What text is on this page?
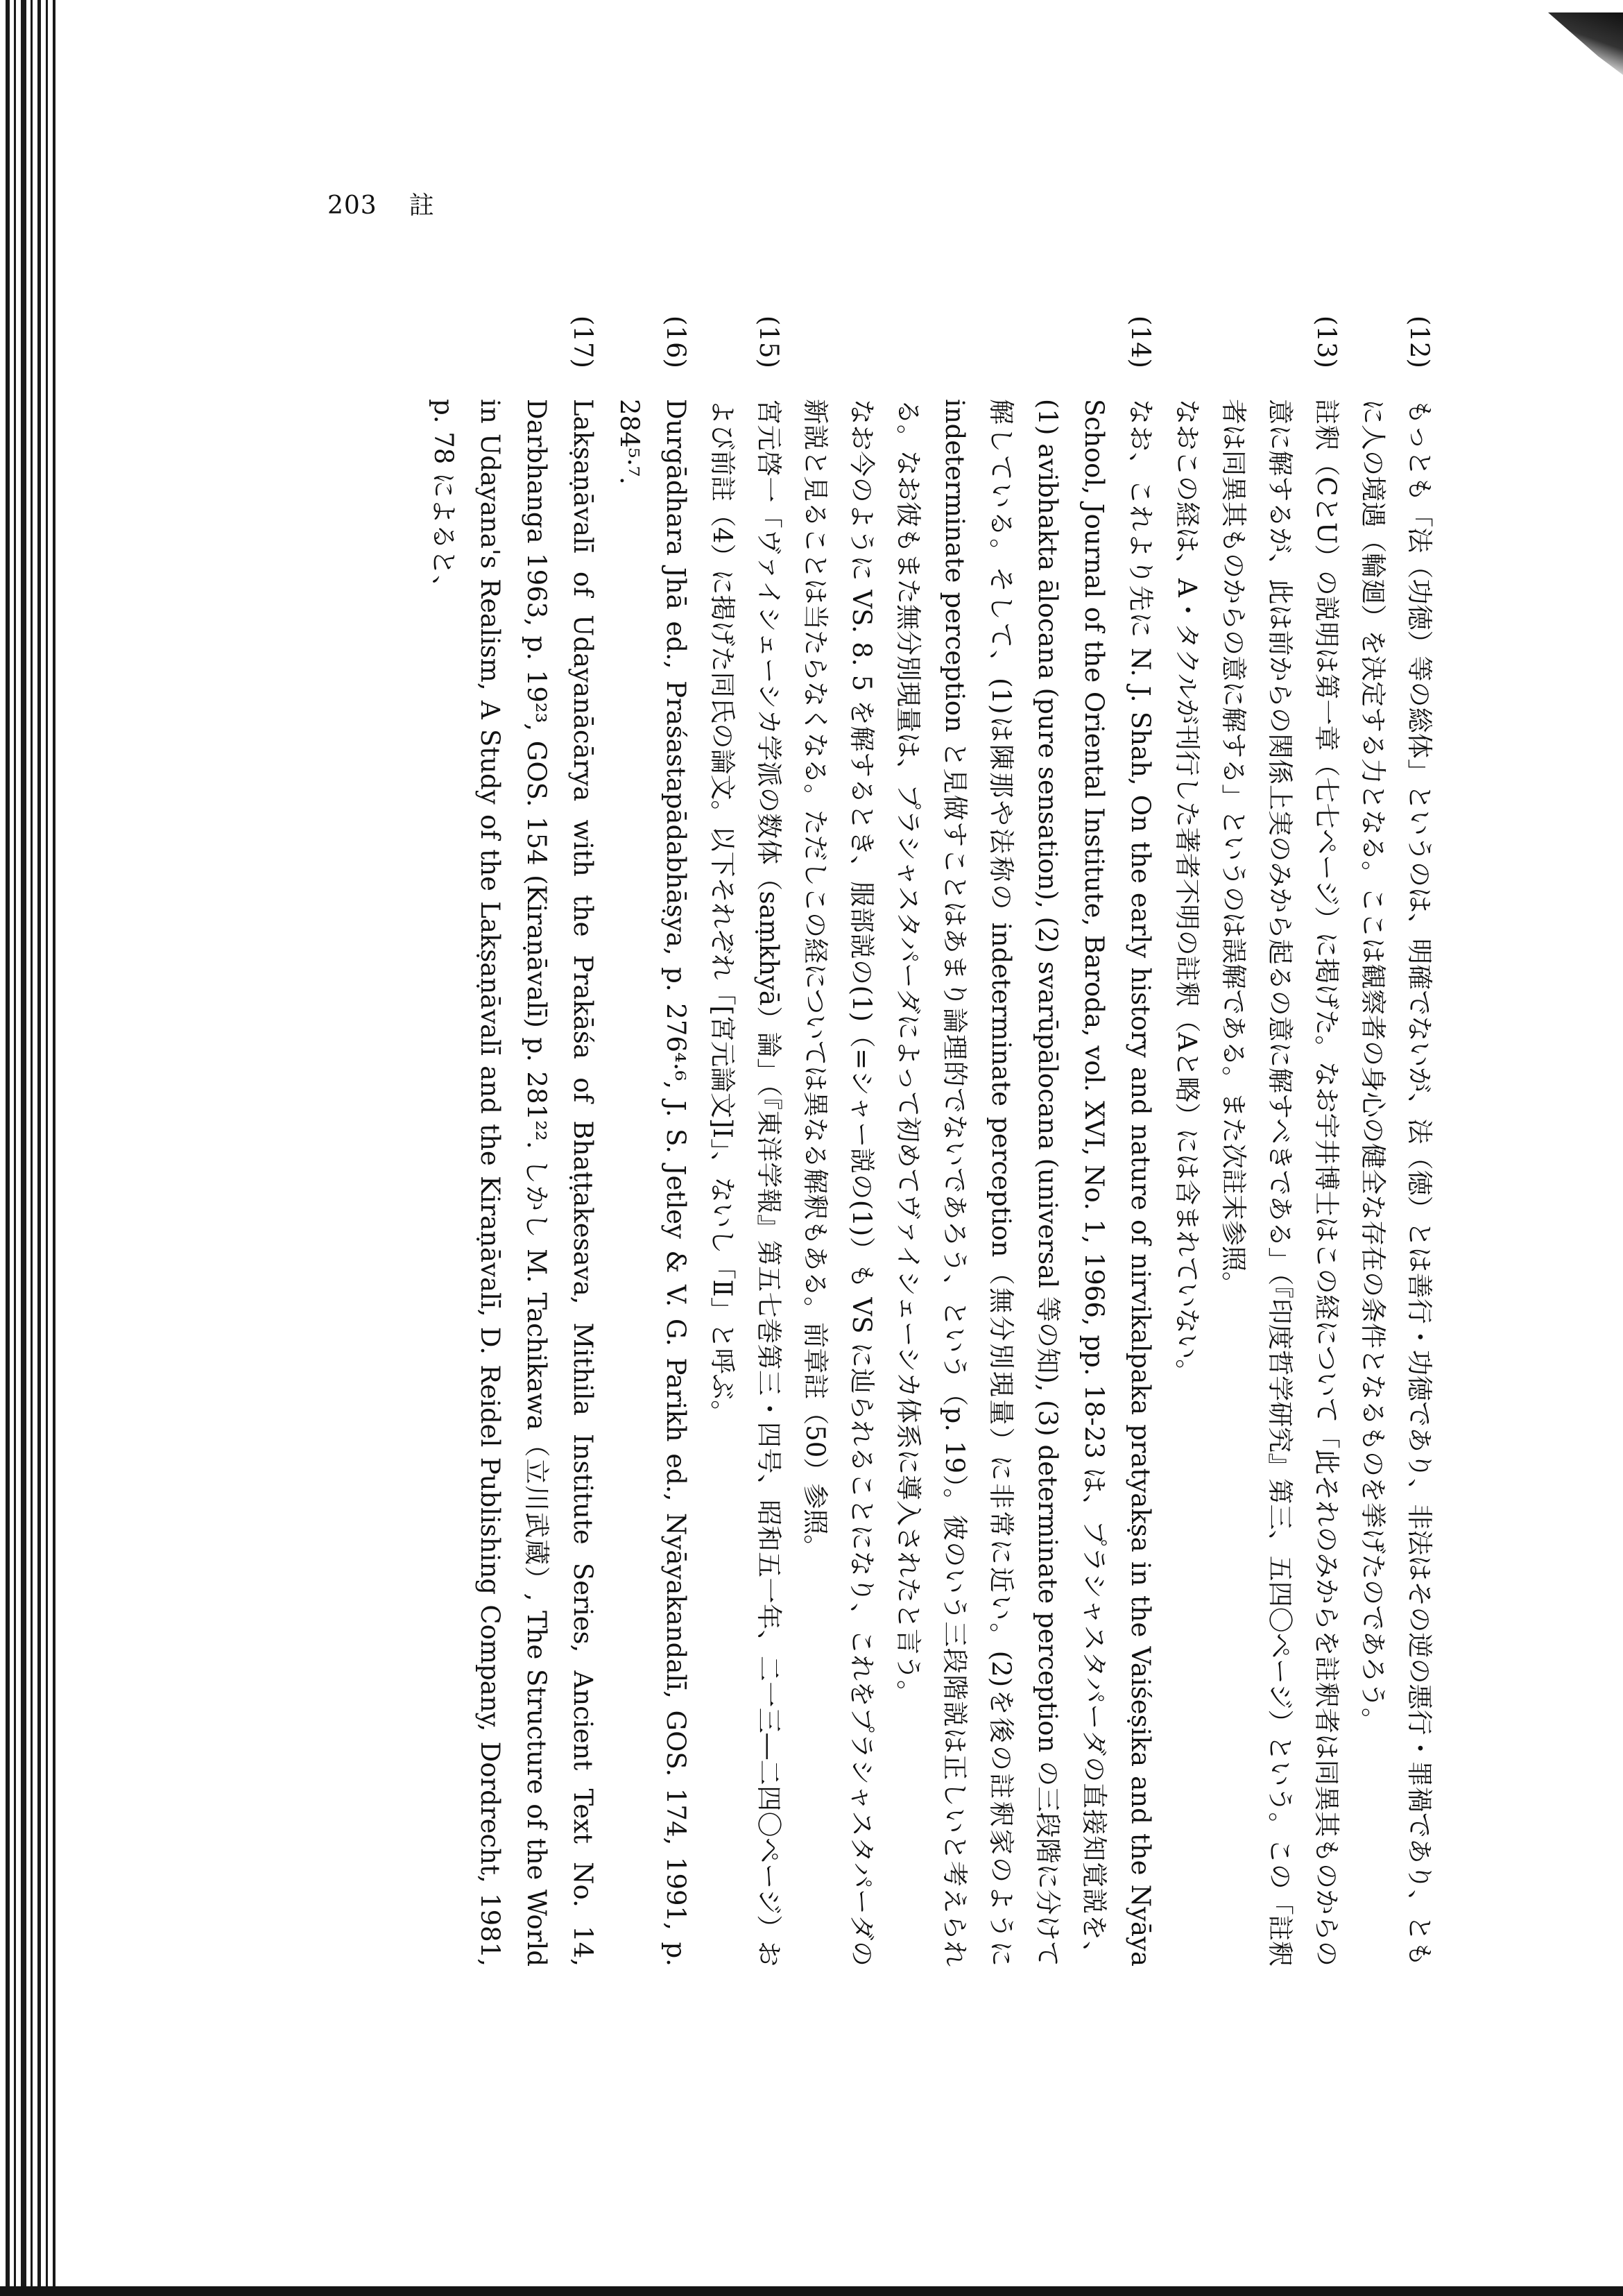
203 註
(12)

もっとも「法（功徳）等の総体」というのは、明確でないが、法（徳）とは善行・功徳であり、非法はその逆の悪行・罪禍であり、ともに人の境遇（輪廻）を決定する力となる。ここは観察者の身心の健全な存在の条件となるものを挙げたのであろう。

(13)

註釈（CとU）の説明は第一章（七七ページ）に掲げた。なお宇井博士はこの経について「此それのみからを註釈者は同異其ものからの意に解するが、此は前からの関係上実のみから起るの意に解すべきである」（『印度哲学研究』第三、五四〇ページ）という。この「註釈者は同異其ものからの意に解する」というのは誤解である。また次註末参照。

なおこの経は、A・タクルが刊行した著者不明の註釈（Aと略）には含まれていない。

(14)

なお、これより先に N. J. Shah, On the early history and nature of nirvikalpaka pratyakṣa in the Vaiśeṣika and the Nyāya School, Journal of the Oriental Institute, Baroda, vol. XVI, No. 1, 1966, pp. 18-23 は、プラシャスタパーダの直接知覚説を、(1) avibhakta ālocana (pure sensation), (2) svarūpālocana (universal 等の知), (3) determinate perception の三段階に分けて解している。そして、(1)は陳那や法称の indeterminate perception（無分別現量）に非常に近い。(2)を後の註釈家のように indeterminate perception と見做すことはあまり論理的でないであろう、という（p. 19）。彼のいう三段階説は正しいと考えられる。なお彼もまた無分別現量は、プラシャスタパーダによって初めてヴァイシェーシカ体系に導入されたと言う。

なお今のように VS. 8. 5 を解するとき、服部説の(1)（=シャー説の(1)）も VS に辿られることになり、これをプラシャスタパーダの新説と見ることは当たらなくなる。ただしこの経については異なる解釈もある。前章註（50）参照。

(15)

宮元啓一「ヴァイシェーシカ学派の数体（saṃkhyā）論」（『東洋学報』第五七巻第三・四号、昭和五一年、二一三―二四〇ページ）および前註（4）に掲げた同氏の論文。以下それぞれ「[宮元論文]Ⅰ」、ないし「Ⅱ」と呼ぶ。

(16)

Durgādhara Jhā ed., Praśastapādabhāṣya, p. 276⁴·⁶, J. S. Jetley & V. G. Parikh ed., Nyāyakandalī, GOS. 174, 1991, p. 284⁵·⁷.

(17)

Lakṣaṇāvalī of Udayanācārya with the Prakāśa of Bhaṭṭakesava, Mithila Institute Series, Ancient Text No. 14, Darbhanga 1963, p. 19²³, GOS. 154 (Kiraṇāvalī) p. 281²². しかし M. Tachikawa（立川武蔵）, The Structure of the World in Udayana's Realism, A Study of the Lakṣaṇāvalī and the Kiraṇāvalī, D. Reidel Publishing Company, Dordrecht, 1981, p. 78 によると、
